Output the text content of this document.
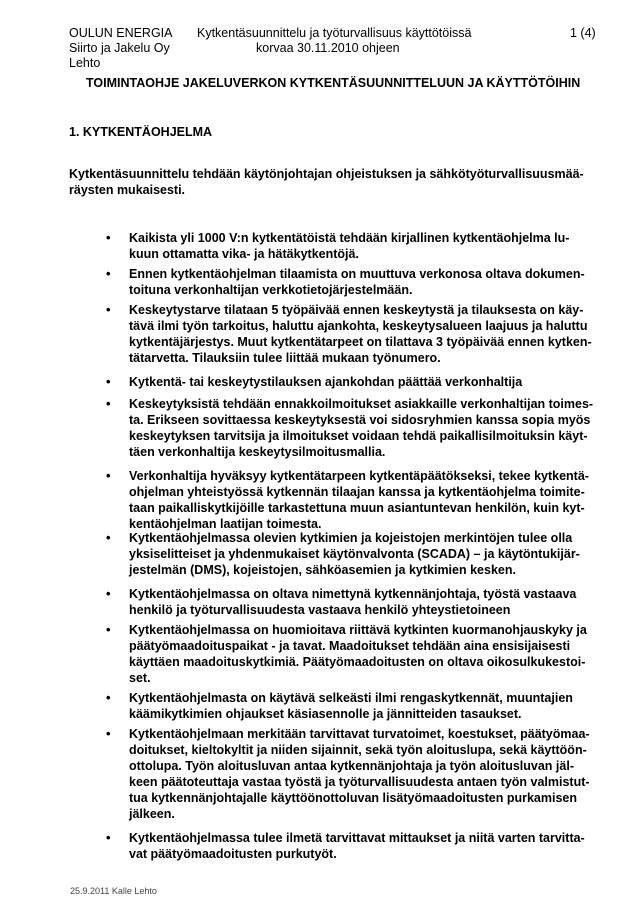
OULUN ENERGIA
Siirto ja Jakelu Oy
Lehto
Kytkentäsuunnittelu ja työturvallisuus käyttötöissä
korvaa 30.11.2010 ohjeen
1 (4)
TOIMINTAOHJE JAKELUVERKON KYTKENTÄSUUNNITTELUUN JA KÄYTTÖTÖIHIN
1. KYTKENTÄOHJELMA
Kytkentäsuunnittelu tehdään käytönjohtajan ohjeistuksen ja sähkötyöturvallisuusmää-
räysten mukaisesti.
• Kaikista yli 1000 V:n kytkentätöistä tehdään kirjallinen kytkentäohjelma lu-
kuun ottamatta vika- ja hätäkytkentöjä.
• Ennen kytkentäohjelman tilaamista on muuttuva verkonosa oltava dokumen-
toituna verkonhaltijan verkkotietojärjestelmään.
• Keskeytystarve tilataan 5 työpäivää ennen keskeytystä ja tilauksesta on käy-
tävä ilmi työn tarkoitus, haluttu ajankohta, keskeytysalueen laajuus ja haluttu
kytkentäjärjestys. Muut kytkentätarpeet on tilattava 3 työpäivää ennen kytken-
tätarvetta. Tilauksiin tulee liittää mukaan työnumero.
• Kytkentä- tai keskeytystilauksen ajankohdan päättää verkonhaltija
• Keskeytyksistä tehdään ennakkoilmoitukset asiakkaille verkonhaltijan toimes-
ta. Erikseen sovittaessa keskeytyksestä voi sidosryhmien kanssa sopia myös
keskeytyksen tarvitsija ja ilmoitukset voidaan tehdä paikallisilmoituksin käyt-
täen verkonhaltija keskeytysilmoitusmallia.
• Verkonhaltija hyväksyy kytkentätarpeen kytkentäpäätökseksi, tekee kytkentä-
ohjelman yhteistyössä kytkennän tilaajan kanssa ja kytkentäohjelma toimite-
taan paikalliskytkijöille tarkastettuna muun asiantuntevan henkilön, kuin kyt-
kentäohjelman laatijan toimesta.
• Kytkentäohjelmassa olevien kytkimien ja kojeistojen merkintöjen tulee olla
yksiselitteiset ja yhdenmukaiset käytönvalvonta (SCADA) – ja käytöntukijär-
jestelmän (DMS), kojeistojen, sähköasemien ja kytkimien kesken.
• Kytkentäohjelmassa on oltava nimettynä kytkennänjohtaja, työstä vastaava
henkilö ja työturvallisuudesta vastaava henkilö yhteystietoineen
• Kytkentäohjelmassa on huomioitava riittävä kytkinten kuormanohjauskyky ja
päätyömaadoituspaikat - ja tavat. Maadoitukset tehdään aina ensisijaisesti
käyttäen maadoituskytkimiä. Päätyömaadoitusten on oltava oikosulkukestoi-
set.
• Kytkentäohjelmasta on käytävä selkeästi ilmi rengaskytkennät, muuntajien
käämikytkimien ohjaukset käsiasennolle ja jännitteiden tasaukset.
• Kytkentäohjelmaan merkitään tarvittavat turvatoimet, koestukset, päätyömaa-
doitukset, kieltokyltit ja niiden sijainnit, sekä työn aloituslupa, sekä käyttöön-
ottolupa. Työn aloitusluvan antaa kytkennänjohtaja ja työn aloitusluvan jäl-
keen päätoteuttaja vastaa työstä ja työturvallisuudesta antaen työn valmistut-
tua kytkennänjohtajalle käyttöönottoluvan lisätyömaadoitusten purkamisen
jälkeen.
• Kytkentäohjelmassa tulee ilmetä tarvittavat mittaukset ja niitä varten tarvitta-
vat päätyömaadoitusten purkutyöt.
25.9.2011 Kalle Lehto
